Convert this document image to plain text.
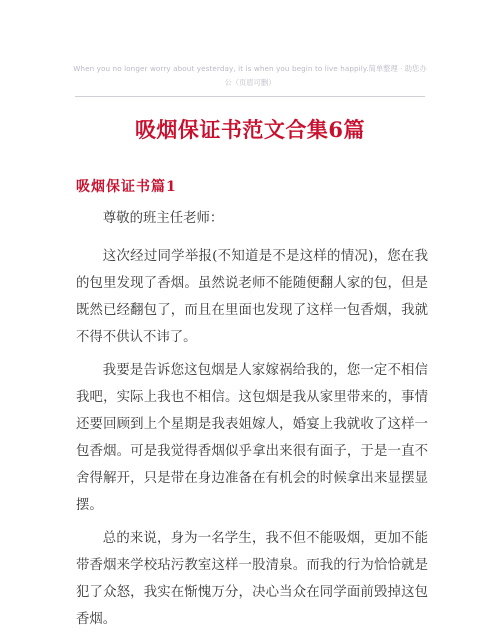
When you no longer worry about yesterday, it is when you begin to live happily.简单整理 · 助您办公（页眉可删）
吸烟保证书范文合集6篇
吸烟保证书篇1
尊敬的班主任老师：
这次经过同学举报(不知道是不是这样的情况)，您在我的包里发现了香烟。虽然说老师不能随便翻人家的包，但是既然已经翻包了，而且在里面也发现了这样一包香烟，我就不得不供认不讳了。
我要是告诉您这包烟是人家嫁祸给我的，您一定不相信我吧，实际上我也不相信。这包烟是我从家里带来的，事情还要回顾到上个星期是我表姐嫁人，婚宴上我就收了这样一包香烟。可是我觉得香烟似乎拿出来很有面子，于是一直不舍得解开，只是带在身边准备在有机会的时候拿出来显摆显摆。
总的来说，身为一名学生，我不但不能吸烟，更加不能带香烟来学校玷污教室这样一股清泉。而我的行为恰恰就是犯了众怒，我实在惭愧万分，决心当众在同学面前毁掉这包香烟。
